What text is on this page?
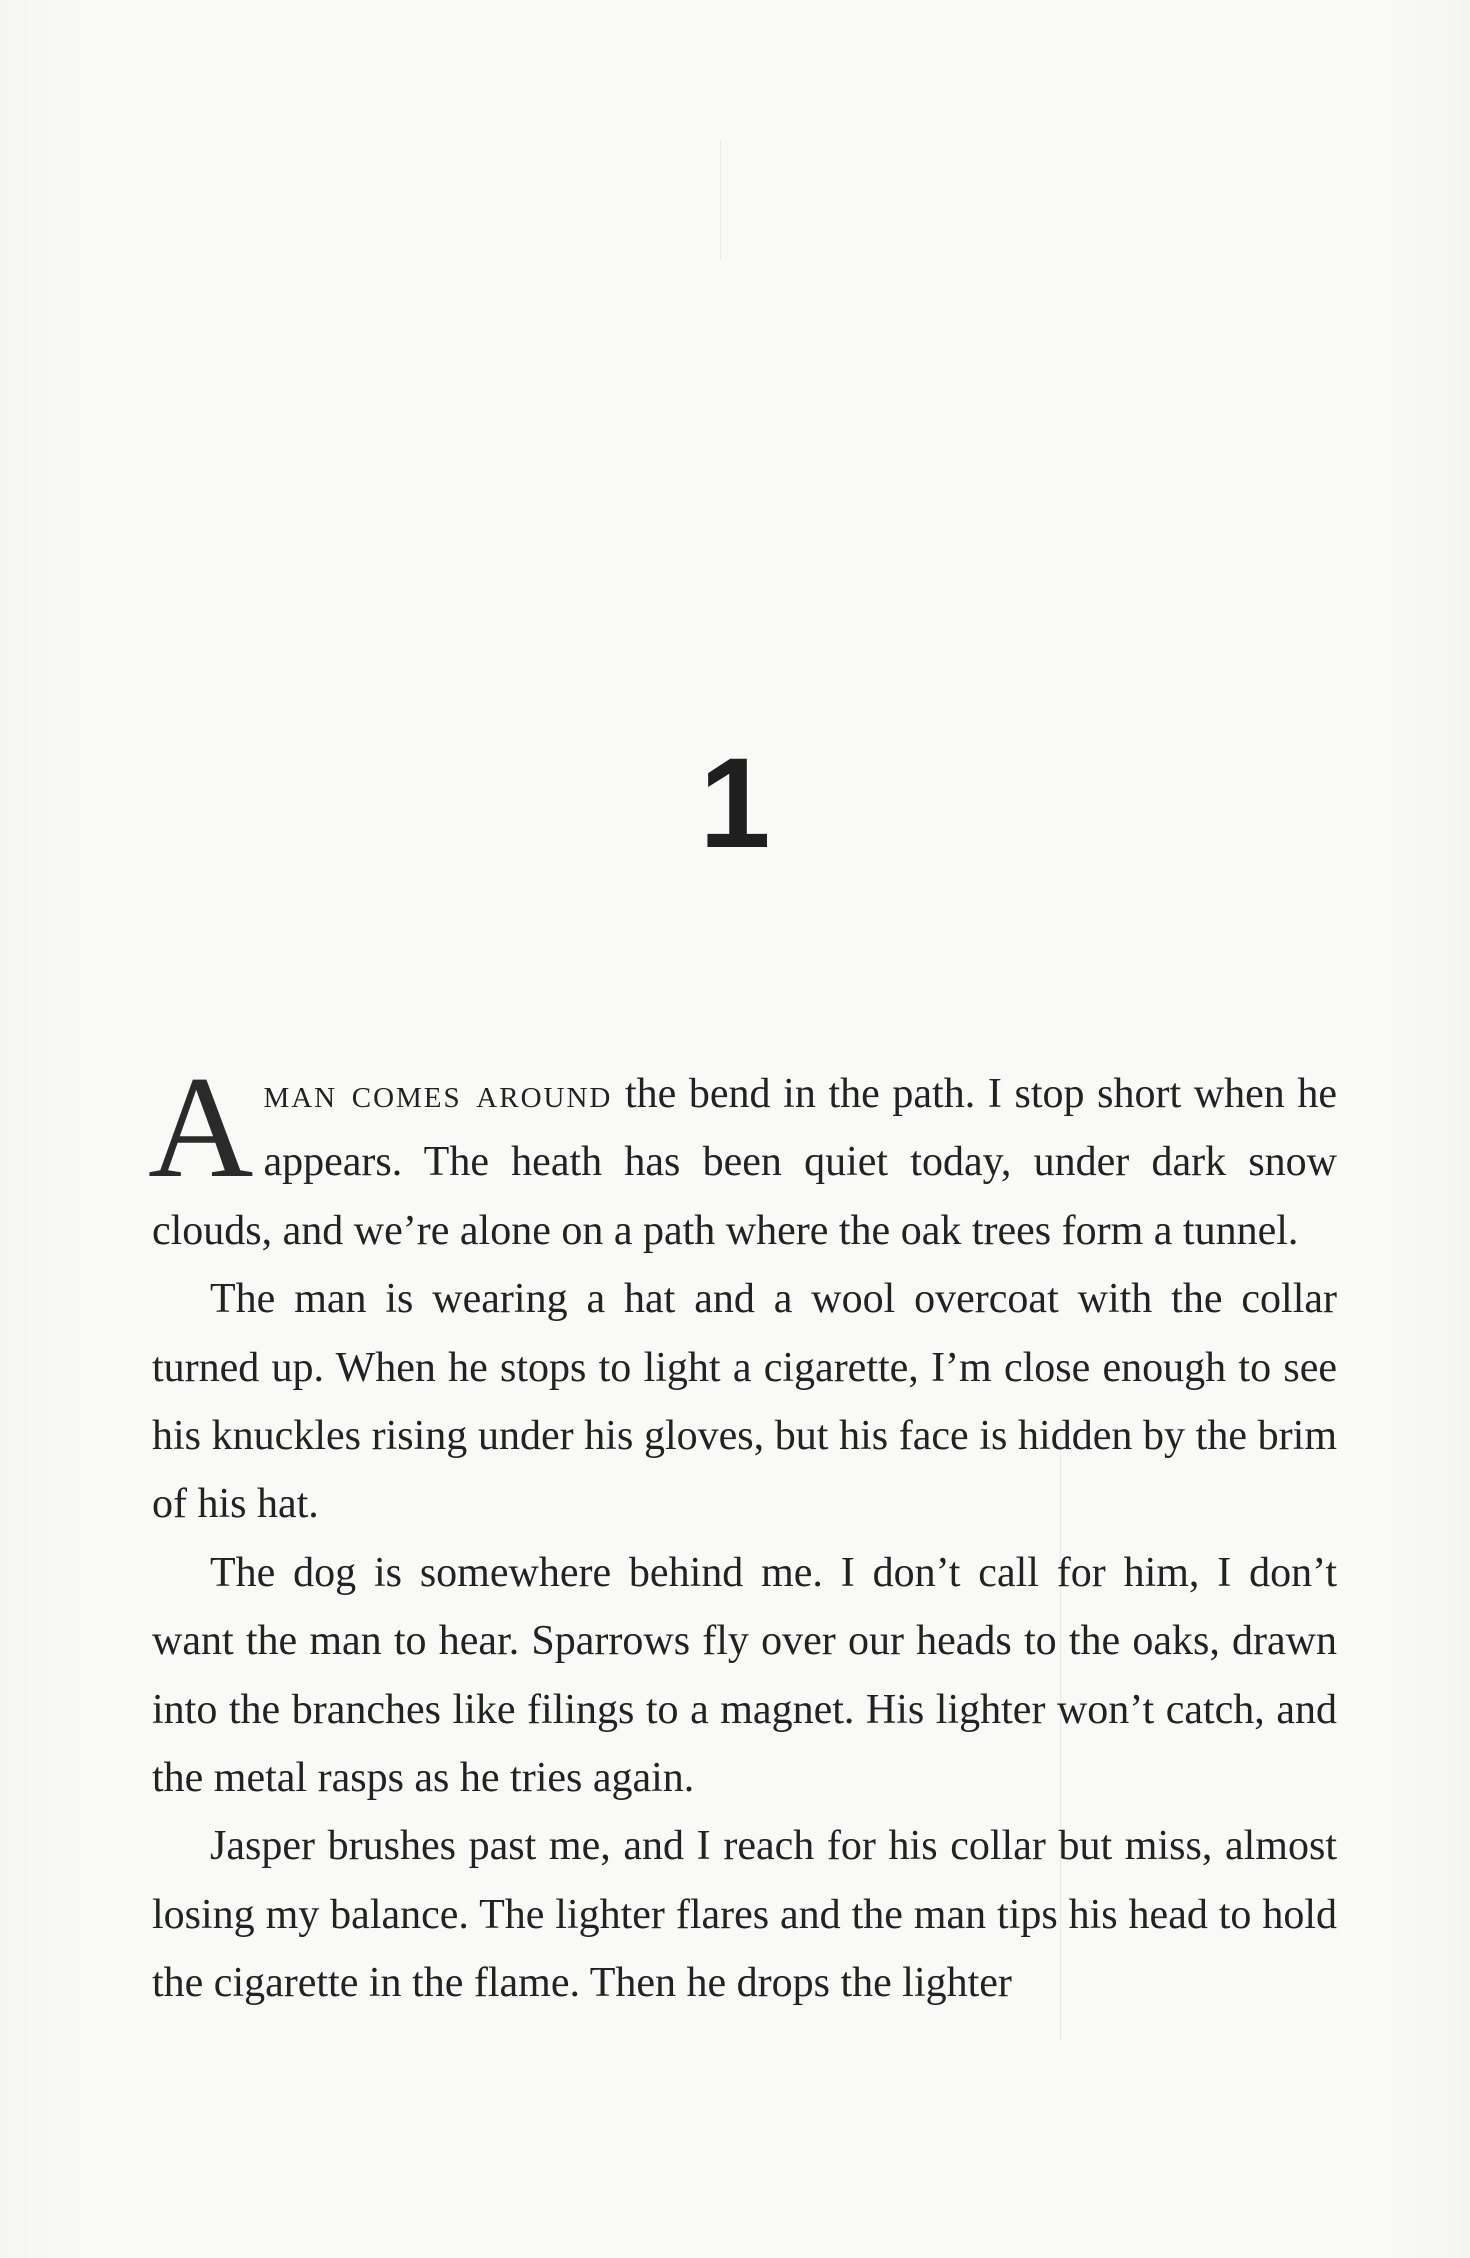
1

Aman comes around the bend in the path. I stop short when he appears. The heath has been quiet today, under dark snow clouds, and we’re alone on a path where the oak trees form a tunnel.

The man is wearing a hat and a wool overcoat with the collar turned up. When he stops to light a cigarette, I’m close enough to see his knuckles rising under his gloves, but his face is hidden by the brim of his hat.

The dog is somewhere behind me. I don’t call for him, I don’t want the man to hear. Sparrows fly over our heads to the oaks, drawn into the branches like filings to a magnet. His lighter won’t catch, and the metal rasps as he tries again.

Jasper brushes past me, and I reach for his collar but miss, almost losing my balance. The lighter flares and the man tips his head to hold the cigarette in the flame. Then he drops the lighter
